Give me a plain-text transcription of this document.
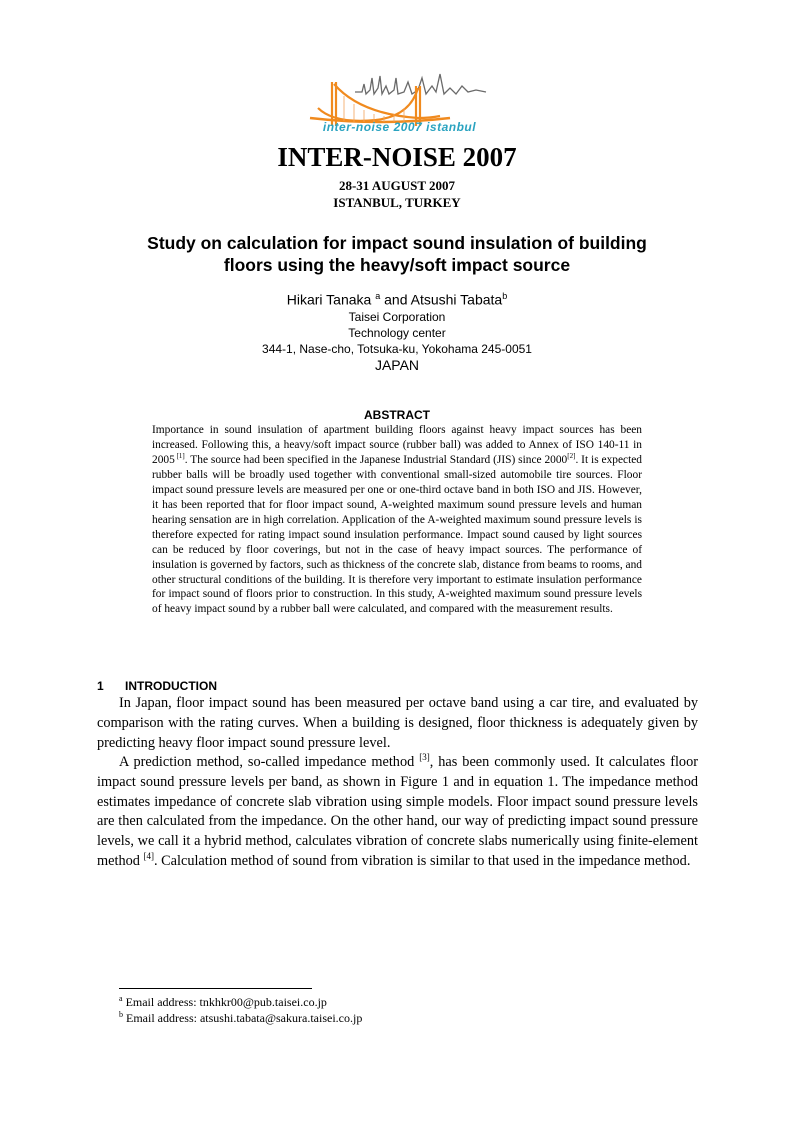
inter-noise 2007 istanbul
INTER-NOISE 2007
28-31 AUGUST 2007
ISTANBUL, TURKEY
Study on calculation for impact sound insulation of building
floors using the heavy/soft impact source
Hikari Tanaka $^a$ and Atsushi Tabata$^b$
Taisei Corporation
Technology center
344-1, Nase-cho, Totsuka-ku, Yokohama 245-0051
JAPAN
ABSTRACT
Importance in sound insulation of apartment building floors against heavy impact sources has been increased. Following this, a heavy/soft impact source (rubber ball) was added to Annex of ISO 140-11 in 2005 [1]. The source had been specified in the Japanese Industrial Standard (JIS) since 2000[2]. It is expected rubber balls will be broadly used together with conventional small-sized automobile tire sources. Floor impact sound pressure levels are measured per one or one-third octave band in both ISO and JIS. However, it has been reported that for floor impact sound, A-weighted maximum sound pressure levels and human hearing sensation are in high correlation. Application of the A-weighted maximum sound pressure levels is therefore expected for rating impact sound insulation performance. Impact sound caused by light sources can be reduced by floor coverings, but not in the case of heavy impact sources. The performance of insulation is governed by factors, such as thickness of the concrete slab, distance from beams to rooms, and other structural conditions of the building. It is therefore very important to estimate insulation performance for impact sound of floors prior to construction. In this study, A-weighted maximum sound pressure levels of heavy impact sound by a rubber ball were calculated, and compared with the measurement results.
1 INTRODUCTION
In Japan, floor impact sound has been measured per octave band using a car tire, and evaluated by comparison with the rating curves. When a building is designed, floor thickness is adequately given by predicting heavy floor impact sound pressure level.
A prediction method, so-called impedance method [3], has been commonly used. It calculates floor impact sound pressure levels per band, as shown in Figure 1 and in equation 1. The impedance method estimates impedance of concrete slab vibration using simple models. Floor impact sound pressure levels are then calculated from the impedance. On the other hand, our way of predicting impact sound pressure levels, we call it a hybrid method, calculates vibration of concrete slabs numerically using finite-element method [4]. Calculation method of sound from vibration is similar to that used in the impedance method.
$^a$ Email address: tnkhkr00@pub.taisei.co.jp
$^b$ Email address: atsushi.tabata@sakura.taisei.co.jp
